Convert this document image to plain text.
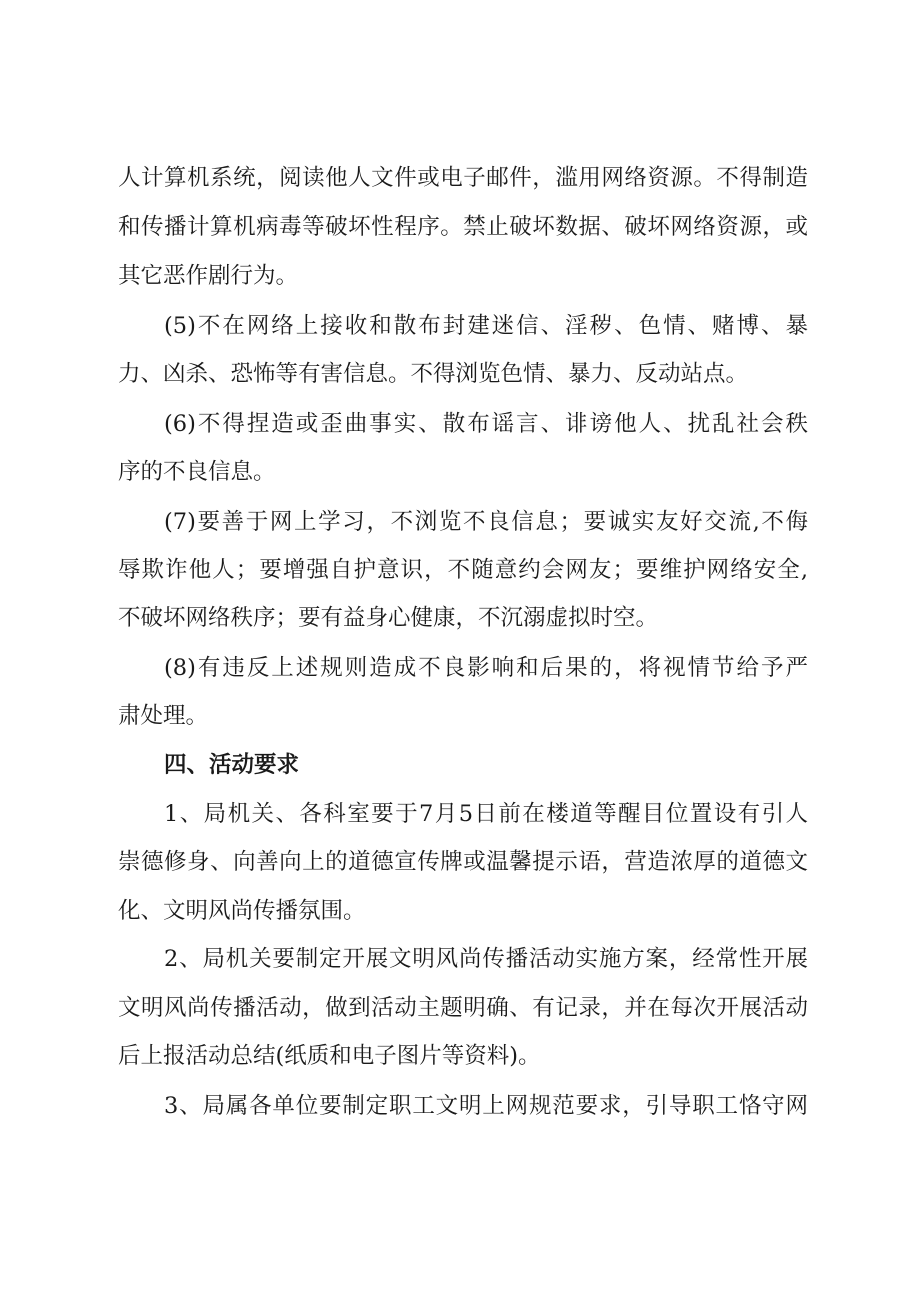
人计算机系统，阅读他人文件或电子邮件，滥用网络资源。不得制造
和传播计算机病毒等破坏性程序。禁止破坏数据、破坏网络资源，或
其它恶作剧行为。
(5)不在网络上接收和散布封建迷信、淫秽、色情、赌博、暴
力、凶杀、恐怖等有害信息。不得浏览色情、暴力、反动站点。
(6)不得捏造或歪曲事实、散布谣言、诽谤他人、扰乱社会秩
序的不良信息。
(7)要善于网上学习，不浏览不良信息；要诚实友好交流,不侮
辱欺诈他人；要增强自护意识，不随意约会网友；要维护网络安全,
不破坏网络秩序；要有益身心健康，不沉溺虚拟时空。
(8)有违反上述规则造成不良影响和后果的，将视情节给予严
肃处理。
四、活动要求
1、局机关、各科室要于7月5日前在楼道等醒目位置设有引人
崇德修身、向善向上的道德宣传牌或温馨提示语，营造浓厚的道德文
化、文明风尚传播氛围。
2、局机关要制定开展文明风尚传播活动实施方案，经常性开展
文明风尚传播活动，做到活动主题明确、有记录，并在每次开展活动
后上报活动总结(纸质和电子图片等资料)。
3、局属各单位要制定职工文明上网规范要求，引导职工恪守网
